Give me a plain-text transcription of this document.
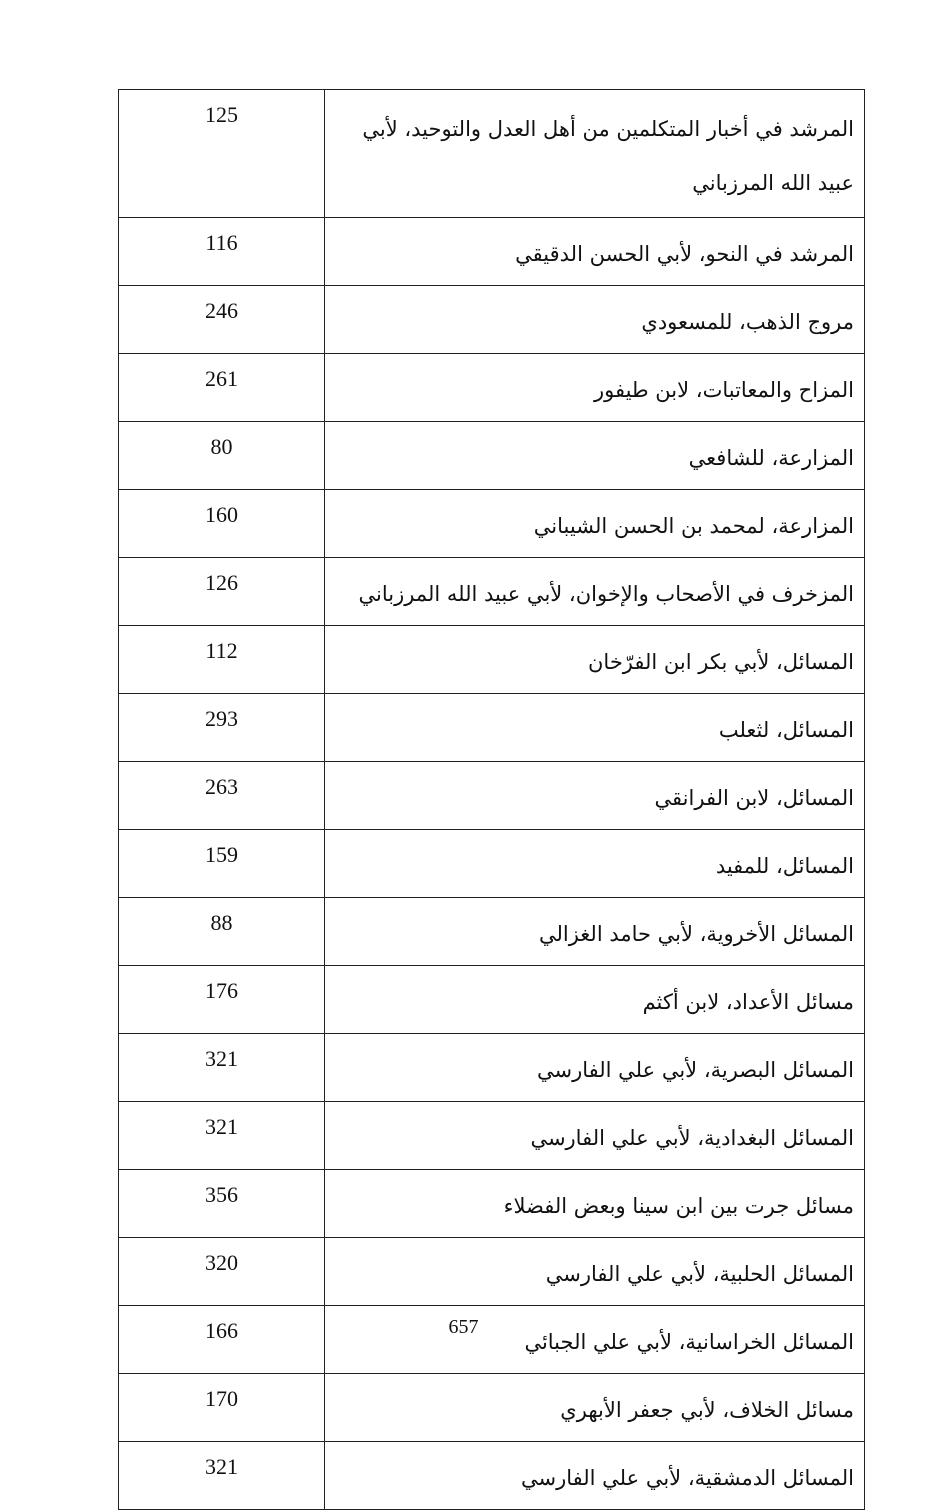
125	المرشد في أخبار المتكلمين من أهل العدل والتوحيد، لأبي عبيد الله المرزباني
116	المرشد في النحو، لأبي الحسن الدقيقي
246	مروج الذهب، للمسعودي
261	المزاح والمعاتبات، لابن طيفور
80	المزارعة، للشافعي
160	المزارعة، لمحمد بن الحسن الشيباني
126	المزخرف في الأصحاب والإخوان، لأبي عبيد الله المرزباني
112	المسائل، لأبي بكر ابن الفرّخان
293	المسائل، لثعلب
263	المسائل، لابن الفرانقي
159	المسائل، للمفيد
88	المسائل الأخروية، لأبي حامد الغزالي
176	مسائل الأعداد، لابن أكثم
321	المسائل البصرية، لأبي علي الفارسي
321	المسائل البغدادية، لأبي علي الفارسي
356	مسائل جرت بين ابن سينا وبعض الفضلاء
320	المسائل الحلبية، لأبي علي الفارسي
166	المسائل الخراسانية، لأبي علي الجبائي
170	مسائل الخلاف، لأبي جعفر الأبهري
321	المسائل الدمشقية، لأبي علي الفارسي
657
